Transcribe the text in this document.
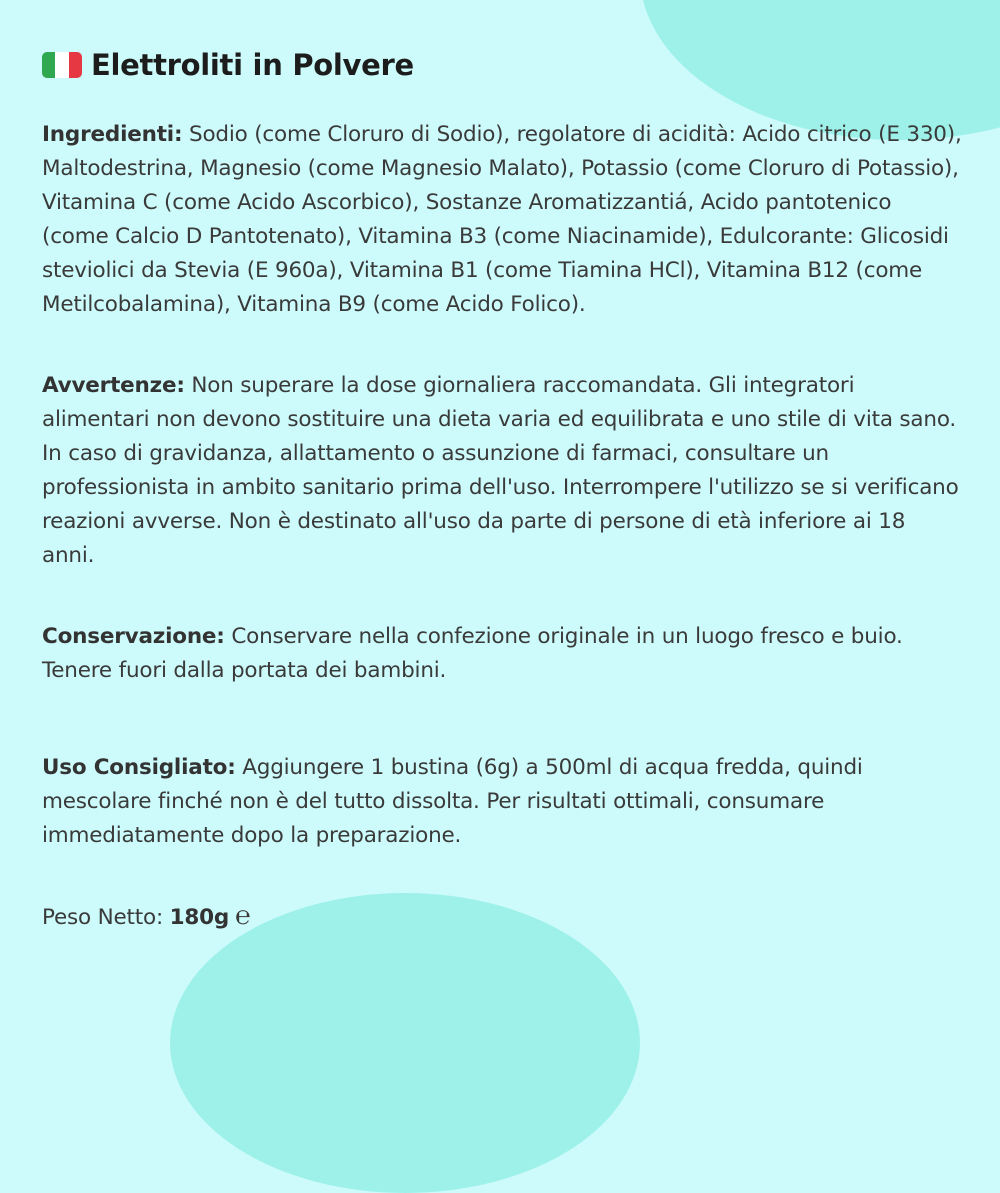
Elettroliti in Polvere

Ingredienti: Sodio (come Cloruro di Sodio), regolatore di acidità: Acido citrico (E 330), Maltodestrina, Magnesio (come Magnesio Malato), Potassio (come Cloruro di Potassio), Vitamina C (come Acido Ascorbico), Sostanze Aromatizzantiá, Acido pantotenico (come Calcio D Pantotenato), Vitamina B3 (come Niacinamide), Edulcorante: Glicosidi steviolici da Stevia (E 960a), Vitamina B1 (come Tiamina HCl), Vitamina B12 (come Metilcobalamina), Vitamina B9 (come Acido Folico).

Avvertenze: Non superare la dose giornaliera raccomandata. Gli integratori alimentari non devono sostituire una dieta varia ed equilibrata e uno stile di vita sano. In caso di gravidanza, allattamento o assunzione di farmaci, consultare un professionista in ambito sanitario prima dell'uso. Interrompere l'utilizzo se si verificano reazioni avverse. Non è destinato all'uso da parte di persone di età inferiore ai 18 anni.

Conservazione: Conservare nella confezione originale in un luogo fresco e buio. Tenere fuori dalla portata dei bambini.

Uso Consigliato: Aggiungere 1 bustina (6g) a 500ml di acqua fredda, quindi mescolare finché non è del tutto dissolta. Per risultati ottimali, consumare immediatamente dopo la preparazione.

Peso Netto: 180g ℮
